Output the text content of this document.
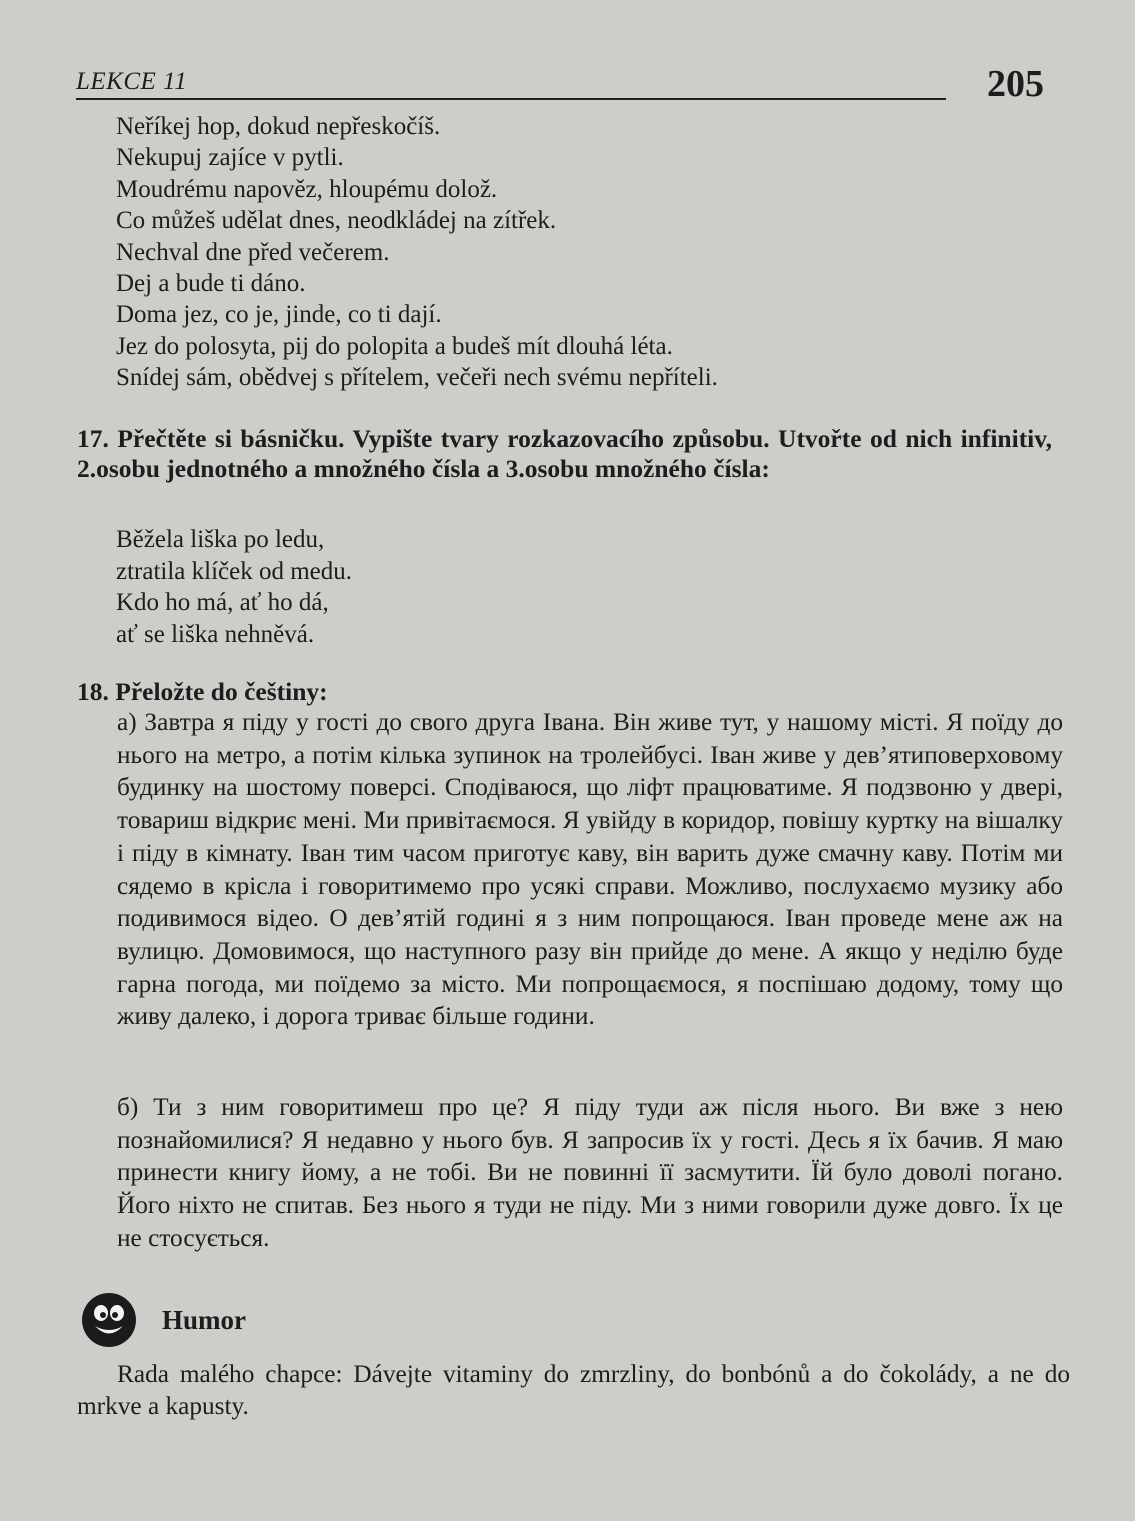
LEKCE 11	205
Neříkej hop, dokud nepřeskočíš.
Nekupuj zajíce v pytli.
Moudrému napověz, hloupému dolož.
Co můžeš udělat dnes, neodkládej na zítřek.
Nechval dne před večerem.
Dej a bude ti dáno.
Doma jez, co je, jinde, co ti dají.
Jez do polosyta, pij do polopita a budeš mít dlouhá léta.
Snídej sám, obědvej s přítelem, večeři nech svému nepříteli.
17. Přečtěte si básničku. Vypište tvary rozkazovacího způsobu. Utvořte od nich infinitiv, 2.osobu jednotného a množného čísla a 3.osobu množného čísla:
Běžela liška po ledu,
ztratila klíček od medu.
Kdo ho má, ať ho dá,
ať se liška nehněvá.
18. Přeložte do češtiny:

а) Завтра я піду у гості до свого друга Івана. Він живе тут, у нашому місті. Я поїду до нього на метро, а потім кілька зупинок на тролейбусі. Іван живе у дев’ятиповерховому будинку на шостому поверсі. Сподіваюся, що ліфт працюватиме. Я подзвоню у двері, товариш відкриє мені. Ми привітаємося. Я увійду в коридор, повішу куртку на вішалку і піду в кімнату. Іван тим часом приготує каву, він варить дуже смачну каву. Потім ми сядемо в крісла і говоритимемо про усякі справи. Можливо, послухаємо музику або подивимося відео. О дев’ятій годині я з ним попрощаюся. Іван проведе мене аж на вулицю. Домовимося, що наступного разу він прийде до мене. А якщо у неділю буде гарна погода, ми поїдемо за місто. Ми попрощаємося, я поспішаю додому, тому що живу далеко, і дорога триває більше години.

б) Ти з ним говоритимеш про це? Я піду туди аж після нього. Ви вже з нею познайомилися? Я недавно у нього був. Я запросив їх у гості. Десь я їх бачив. Я маю принести книгу йому, а не тобі. Ви не повинні її засмутити. Їй було доволі погано. Його ніхто не спитав. Без нього я туди не піду. Ми з ними говорили дуже довго. Їх це не стосується.

Humor

Rada malého chapce: Dávejte vitaminy do zmrzliny, do bonbónů a do čokolády, a ne do mrkve a kapusty.
